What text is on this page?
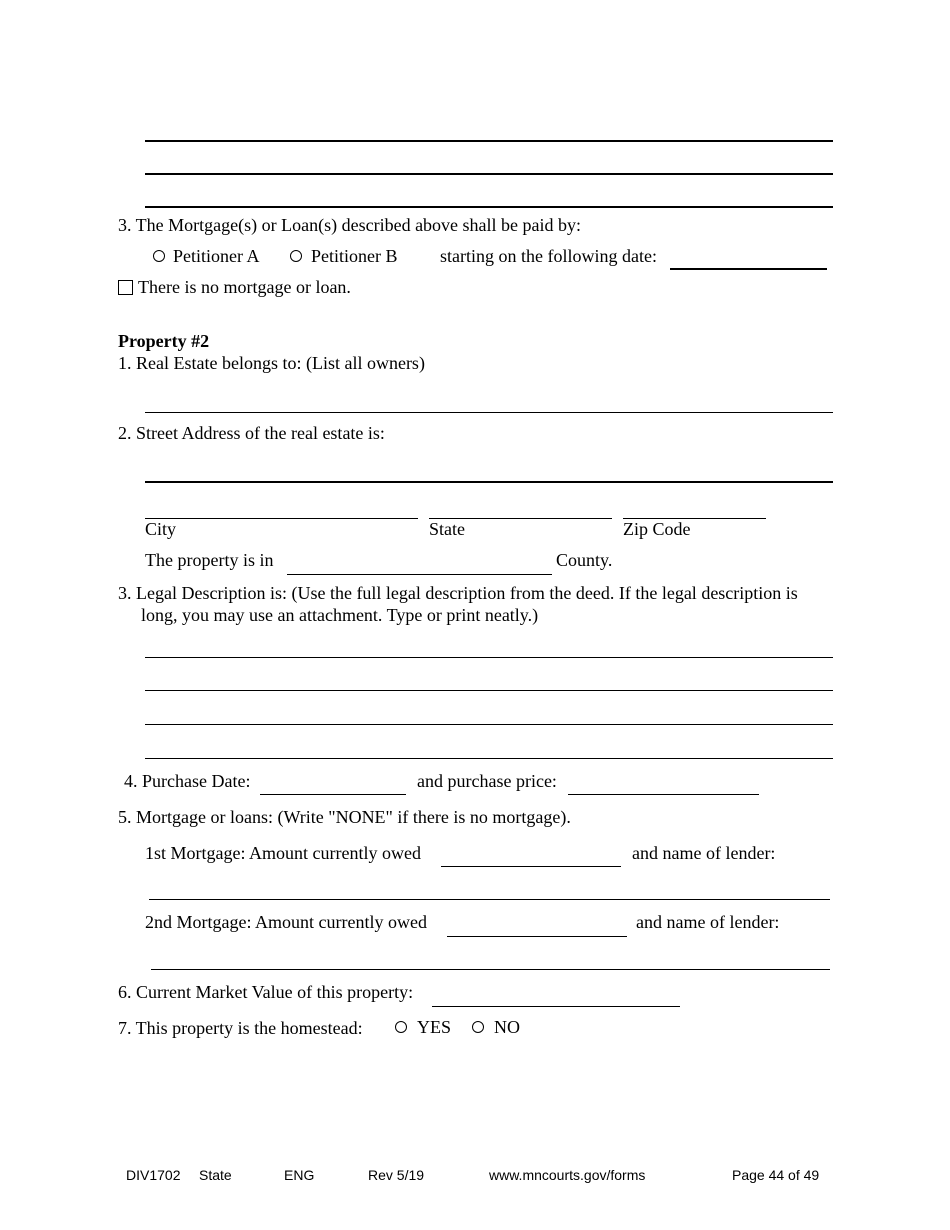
3. The Mortgage(s) or Loan(s) described above shall be paid by:
Petitioner A	Petitioner B starting on the following date:
There is no mortgage or loan.
Property #2
1. Real Estate belongs to: (List all owners)
2. Street Address of the real estate is:
City	State	Zip Code
The property is in	County.
3. Legal Description is: (Use the full legal description from the deed. If the legal description is
long, you may use an attachment. Type or print neatly.)
4. Purchase Date:	and purchase price:
5. Mortgage or loans: (Write "NONE" if there is no mortgage).
1st Mortgage: Amount currently owed	and name of lender:
2nd Mortgage: Amount currently owed	and name of lender:
6. Current Market Value of this property:
7. This property is the homestead:	YES NO
DIV1702 State	ENG	Rev 5/19	www.mncourts.gov/forms	Page 44 of 49
